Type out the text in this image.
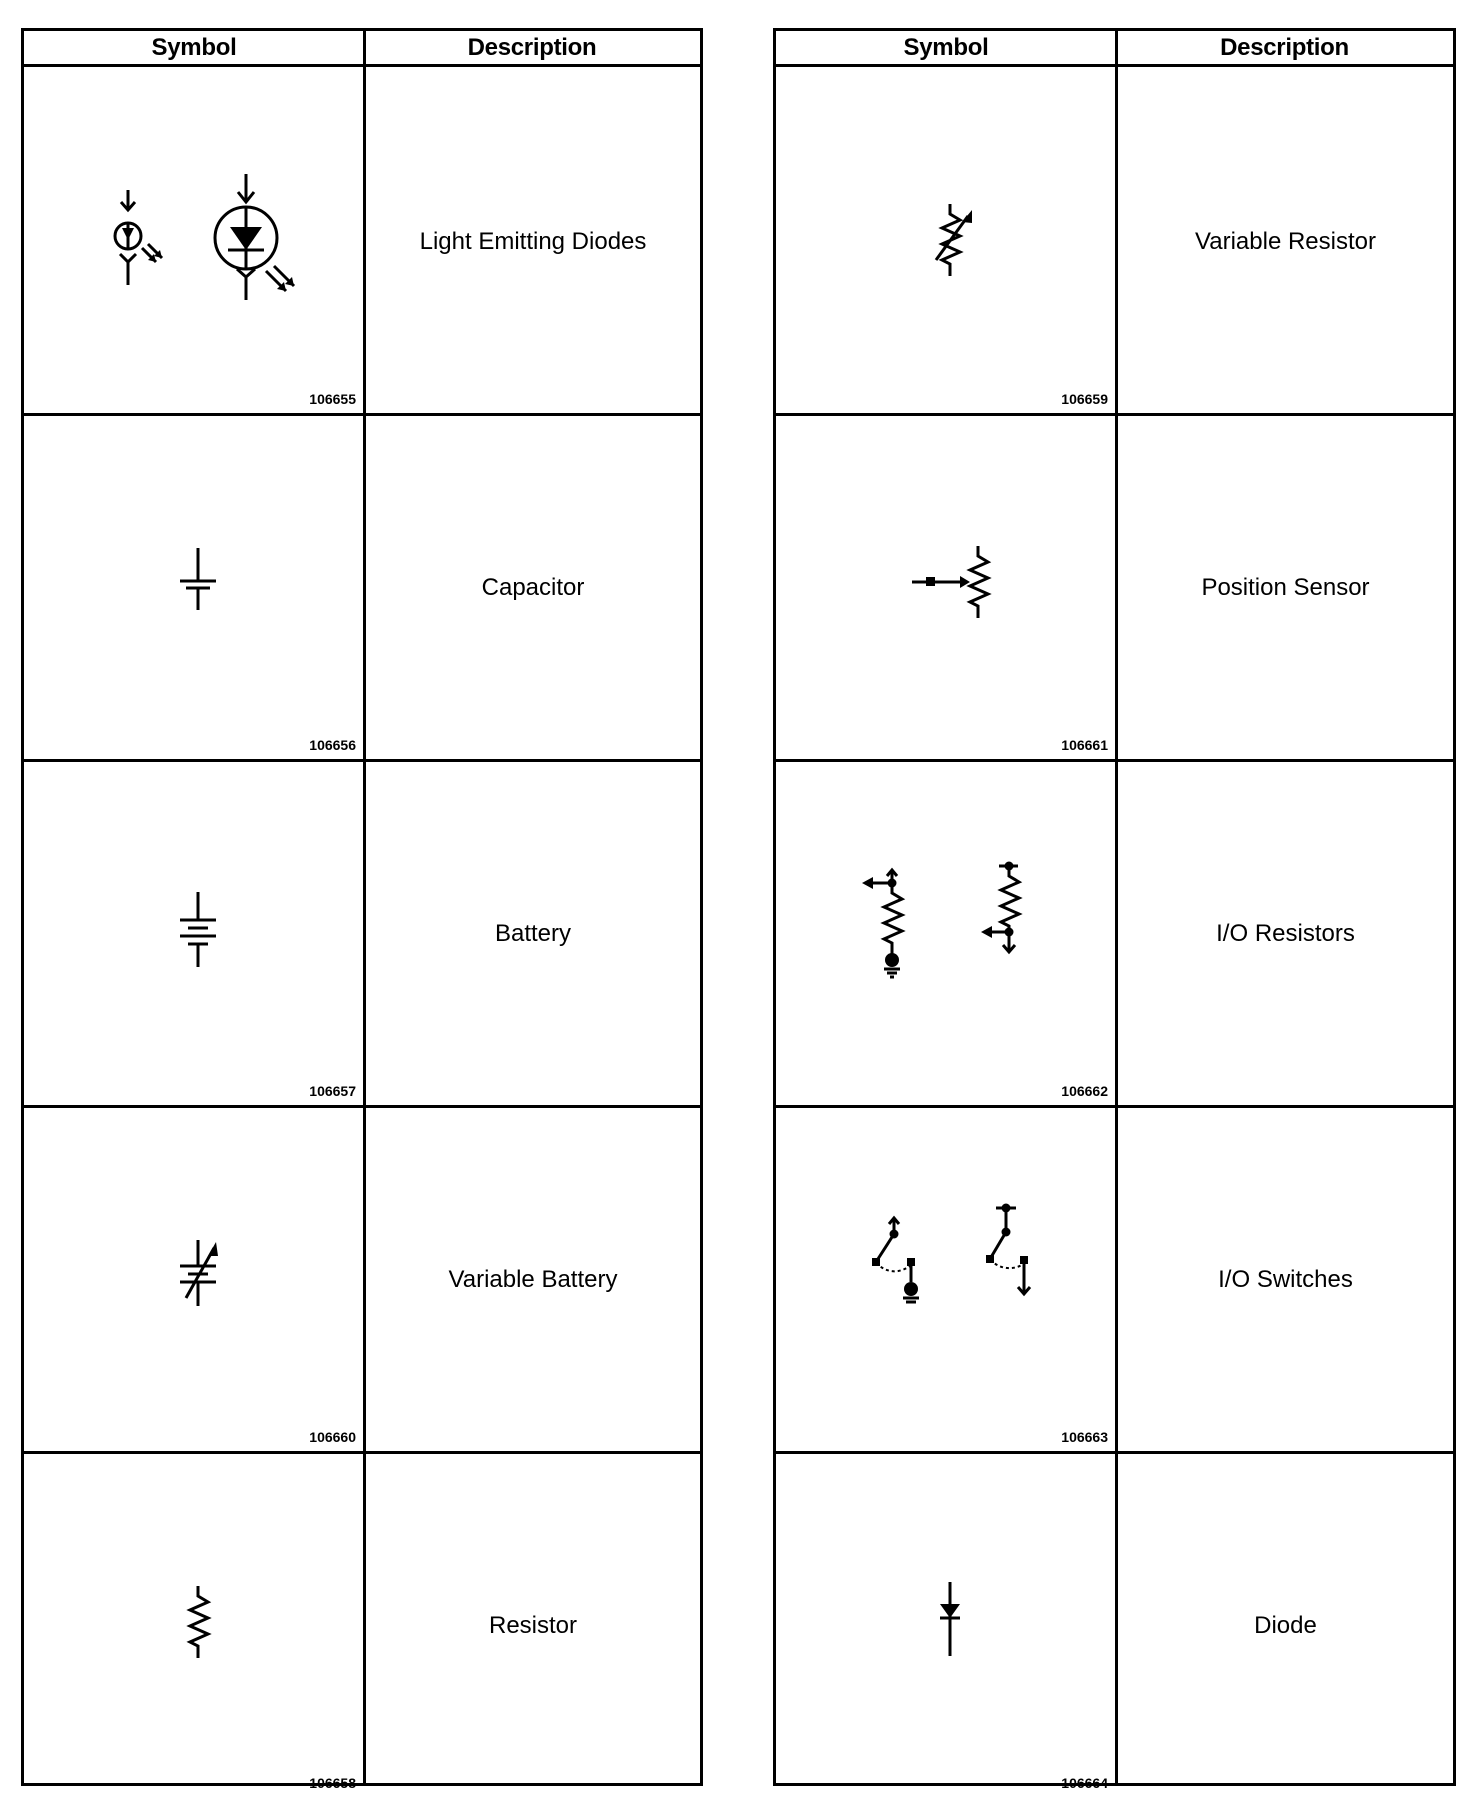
Symbol	Description
106655
Light Emitting Diodes
106656
Capacitor
106657
Battery
106660
Variable Battery
106658
Resistor
Symbol	Description
106659
Variable Resistor
106661
Position Sensor
106662
I/O Resistors
106663
I/O Switches
106664
Diode
